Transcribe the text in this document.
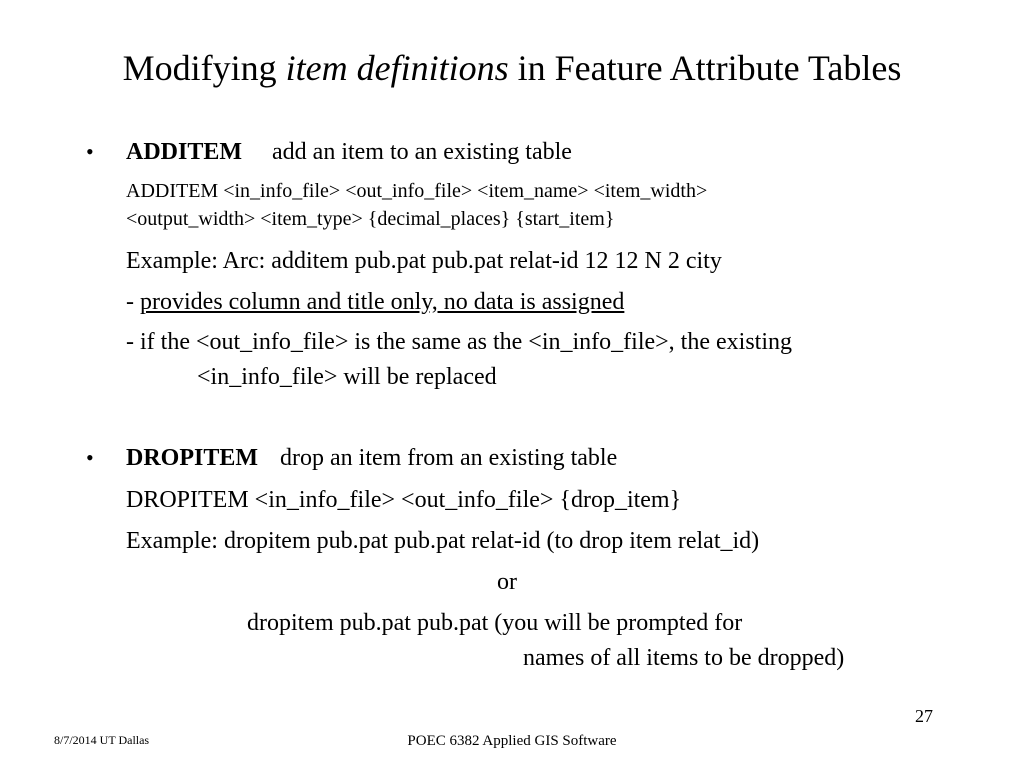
Modifying item definitions in Feature Attribute Tables
• ADDITEM add an item to an existing table
ADDITEM <in_info_file> <out_info_file> <item_name> <item_width>
<output_width> <item_type> {decimal_places} {start_item}
Example: Arc: additem pub.pat pub.pat relat-id 12 12 N 2 city
- provides column and title only, no data is assigned
- if the <out_info_file> is the same as the <in_info_file>, the existing
<in_info_file> will be replaced
• DROPITEM drop an item from an existing table
DROPITEM <in_info_file> <out_info_file> {drop_item}
Example: dropitem pub.pat pub.pat relat-id (to drop item relat_id)
or
dropitem pub.pat pub.pat (you will be prompted for
names of all items to be dropped)
27
8/7/2014 UT Dallas	POEC 6382 Applied GIS Software
